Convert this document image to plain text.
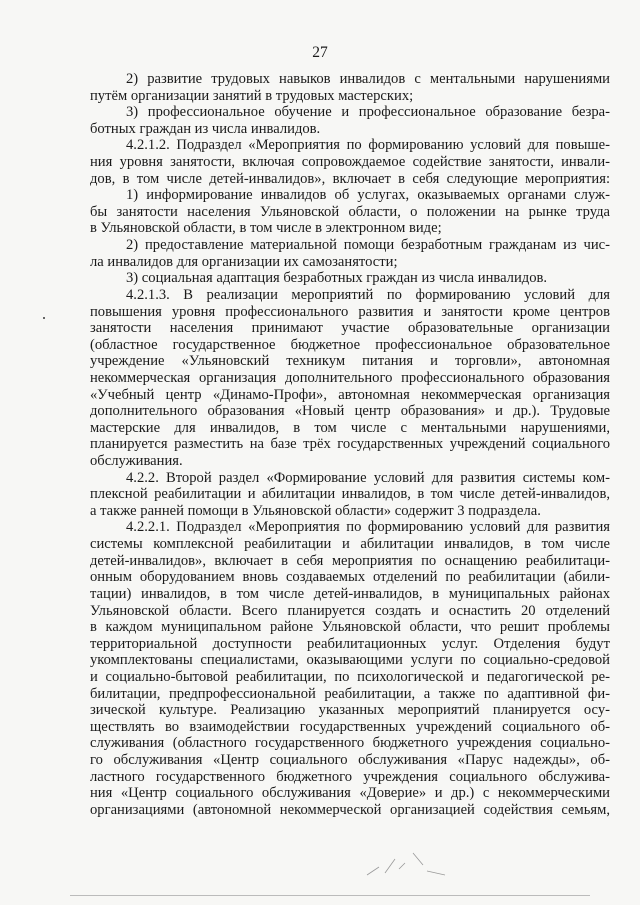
27
2) развитие трудовых навыков инвалидов с ментальными нарушениями
путём организации занятий в трудовых мастерских;
3) профессиональное обучение и профессиональное образование безра-
ботных граждан из числа инвалидов.
4.2.1.2. Подраздел «Мероприятия по формированию условий для повыше-
ния уровня занятости, включая сопровождаемое содействие занятости, инвали-
дов, в том числе детей-инвалидов», включает в себя следующие мероприятия:
1) информирование инвалидов об услугах, оказываемых органами служ-
бы занятости населения Ульяновской области, о положении на рынке труда
в Ульяновской области, в том числе в электронном виде;
2) предоставление материальной помощи безработным гражданам из чис-
ла инвалидов для организации их самозанятости;
3) социальная адаптация безработных граждан из числа инвалидов.
4.2.1.3. В реализации мероприятий по формированию условий для
повышения уровня профессионального развития и занятости кроме центров
занятости населения принимают участие образовательные организации
(областное государственное бюджетное профессиональное образовательное
учреждение «Ульяновский техникум питания и торговли», автономная
некоммерческая организация дополнительного профессионального образования
«Учебный центр «Динамо-Профи», автономная некоммерческая организация
дополнительного образования «Новый центр образования» и др.). Трудовые
мастерские для инвалидов, в том числе с ментальными нарушениями,
планируется разместить на базе трёх государственных учреждений социального
обслуживания.
4.2.2. Второй раздел «Формирование условий для развития системы ком-
плексной реабилитации и абилитации инвалидов, в том числе детей-инвалидов,
а также ранней помощи в Ульяновской области» содержит 3 подраздела.
4.2.2.1. Подраздел «Мероприятия по формированию условий для развития
системы комплексной реабилитации и абилитации инвалидов, в том числе
детей-инвалидов», включает в себя мероприятия по оснащению реабилитаци-
онным оборудованием вновь создаваемых отделений по реабилитации (абили-
тации) инвалидов, в том числе детей-инвалидов, в муниципальных районах
Ульяновской области. Всего планируется создать и оснастить 20 отделений
в каждом муниципальном районе Ульяновской области, что решит проблемы
территориальной доступности реабилитационных услуг. Отделения будут
укомплектованы специалистами, оказывающими услуги по социально-средовой
и социально-бытовой реабилитации, по психологической и педагогической ре-
билитации, предпрофессиональной реабилитации, а также по адаптивной фи-
зической культуре. Реализацию указанных мероприятий планируется осу-
ществлять во взаимодействии государственных учреждений социального об-
служивания (областного государственного бюджетного учреждения социально-
го обслуживания «Центр социального обслуживания «Парус надежды», об-
ластного государственного бюджетного учреждения социального обслужива-
ния «Центр социального обслуживания «Доверие» и др.) с некоммерческими
организациями (автономной некоммерческой организацией содействия семьям,
